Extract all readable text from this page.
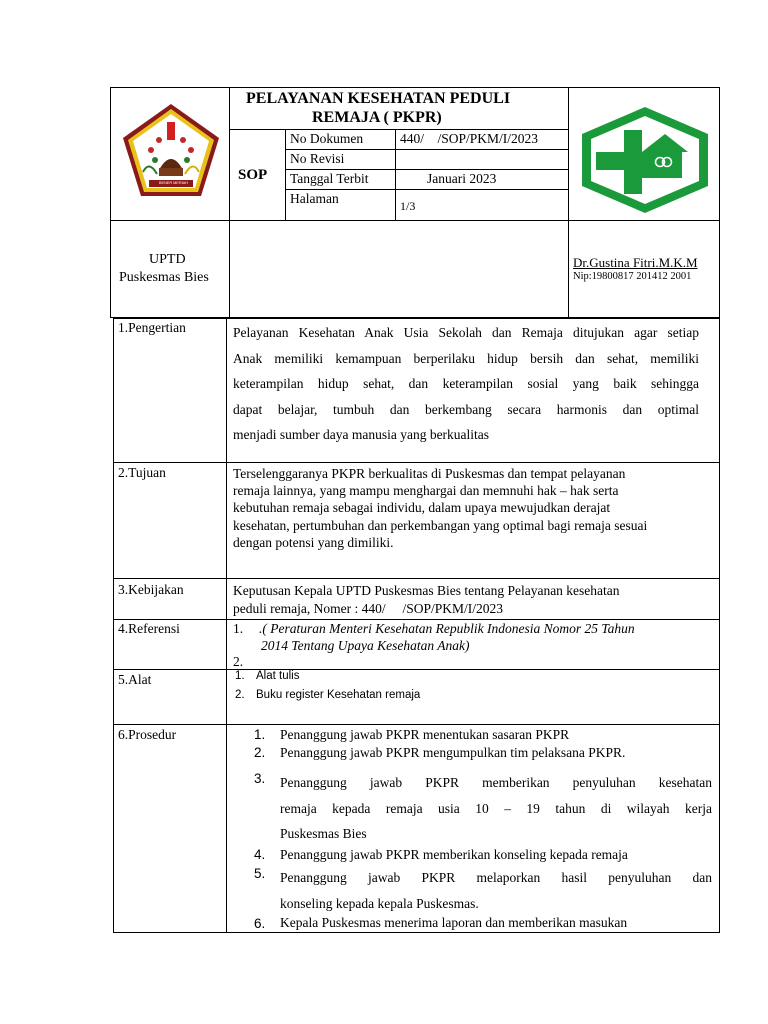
BENER MERIAH
PELAYANAN KESEHATAN PEDULI
REMAJA ( PKPR)
SOP
No Dokumen	440/    /SOP/PKM/I/2023
No Revisi
Tanggal Terbit	Januari 2023
Halaman	1/3
UPTD
Puskesmas Bies
Dr.Gustina Fitri.M.K.M
Nip:19800817 201412 2001
1.Pengertian	Pelayanan Kesehatan Anak Usia Sekolah dan Remaja ditujukan agar setiap
Anak memiliki kemampuan berperilaku hidup bersih dan sehat, memiliki
keterampilan hidup sehat, dan keterampilan sosial yang baik sehingga
dapat belajar, tumbuh dan berkembang secara harmonis dan optimal
menjadi sumber daya manusia yang berkualitas
2.Tujuan	Terselenggaranya PKPR berkualitas di Puskesmas dan tempat pelayanan
remaja lainnya, yang mampu menghargai dan memnuhi hak – hak serta
kebutuhan remaja sebagai individu, dalam upaya mewujudkan derajat
kesehatan, pertumbuhan dan perkembangan yang optimal bagi remaja sesuai
dengan potensi yang dimiliki.
3.Kebijakan	Keputusan Kepala UPTD Puskesmas Bies tentang Pelayanan kesehatan
peduli remaja, Nomer : 440/     /SOP/PKM/I/2023
4.Referensi	1. .( Peraturan Menteri Kesehatan Republik Indonesia Nomor 25 Tahun
2014 Tentang Upaya Kesehatan Anak)
2.
5.Alat	1. Alat tulis
2. Buku register Kesehatan remaja
6.Prosedur	1. Penanggung jawab PKPR menentukan sasaran PKPR
2. Penanggung jawab PKPR mengumpulkan tim pelaksana PKPR.
3. Penanggung jawab PKPR memberikan penyuluhan kesehatan
remaja kepada remaja usia 10 – 19 tahun di wilayah kerja
Puskesmas Bies
4. Penanggung jawab PKPR memberikan konseling kepada remaja
5. Penanggung jawab PKPR melaporkan hasil penyuluhan dan
konseling kepada kepala Puskesmas.
6. Kepala Puskesmas menerima laporan dan memberikan masukan
